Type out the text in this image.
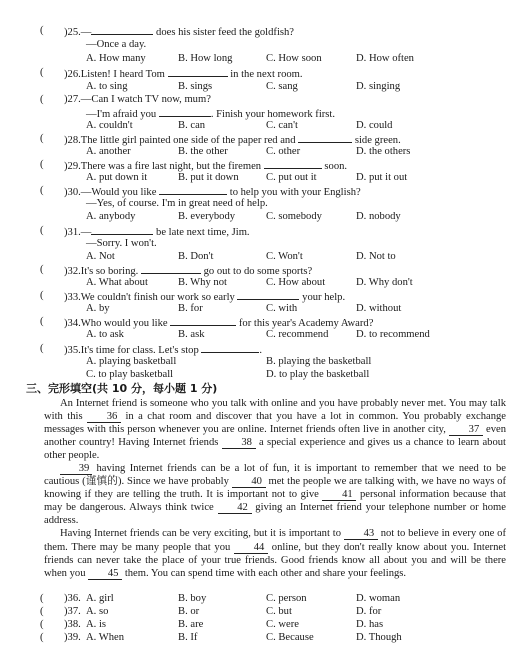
( )25.—	does his sister feed the goldfish?
—Once a day.
A. How many	B. How long	C. How soon	D. How often
( )26.Listen! I heard Tom	in the next room.
A. to sing	B. sings	C. sang	D. singing
( )27.—Can I watch TV now, mum?
—I'm afraid you	. Finish your homework first.
A. couldn't	B. can	C. can't	D. could
( )28.The little girl painted one side of the paper red and	side green.
A. another	B. the other	C. other	D. the others
( )29.There was a fire last night, but the firemen	soon.
A. put down it	B. put it down	C. put out it	D. put it out
( )30.—Would you like	to help you with your English?
—Yes, of course. I'm in great need of help.
A. anybody	B. everybody	C. somebody	D. nobody
( )31.—	be late next time, Jim.
—Sorry. I won't.
A. Not	B. Don't	C. Won't	D. Not to
( )32.It's so boring.	go out to do some sports?
A. What about	B. Why not	C. How about	D. Why don't
( )33.We couldn't finish our work so early	your help.
A. by	B. for	C. with	D. without
( )34.Who would you like	for this year's Academy Award?
A. to ask	B. ask	C. recommend	D. to recommend
( )35.It's time for class. Let's stop	.
A. playing basketball	B. playing the basketball
C. to play basketball	D. to play the basketball
三、完形填空(共 10 分，每小题 1 分)
An Internet friend is someone who you talk with online and you have probably never met. You may talk with this 36 in a chat room and discover that you have a lot in common. You probably exchange messages with this person whenever you are online. Internet friends often live in another city, 37 even another country! Having Internet friends 38 a special experience and gives us a chance to learn about other people.
39 having Internet friends can be a lot of fun, it is important to remember that we need to be cautious (谨慎的). Since we have probably 40 met the people we are talking with, we have no ways of knowing if they are telling the truth. It is important not to give 41 personal information because that may be dangerous. Always think twice 42 giving an Internet friend your telephone number or home address.
Having Internet friends can be very exciting, but it is important to 43 not to believe in every one of them. There may be many people that you 44 online, but they don't really know about you. Internet friends can never take the place of your true friends. Good friends know all about you and will be there when you 45 them. You can spend time with each other and share your feelings.
( )36. A. girl	B. boy	C. person	D. woman
( )37. A. so	B. or	C. but	D. for
( )38. A. is	B. are	C. were	D. has
( )39. A. When	B. If	C. Because	D. Though
